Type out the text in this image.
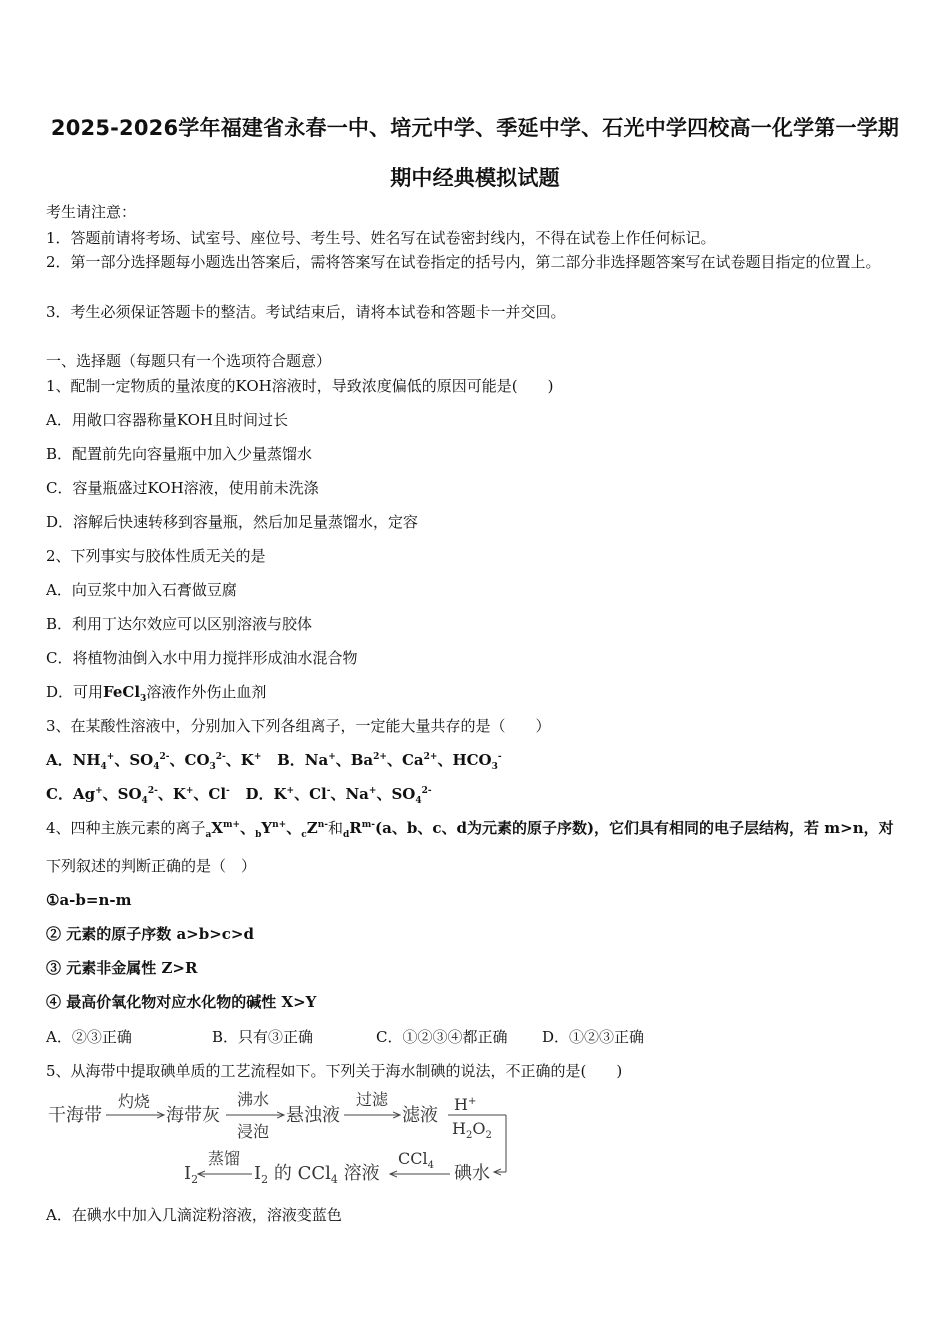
2025-2026学年福建省永春一中、培元中学、季延中学、石光中学四校高一化学第一学期
期中经典模拟试题
考生请注意：
1．答题前请将考场、试室号、座位号、考生号、姓名写在试卷密封线内，不得在试卷上作任何标记。
2．第一部分选择题每小题选出答案后，需将答案写在试卷指定的括号内，第二部分非选择题答案写在试卷题目指定的位置上。
3．考生必须保证答题卡的整洁。考试结束后，请将本试卷和答题卡一并交回。
一、选择题（每题只有一个选项符合题意）
1、配制一定物质的量浓度的KOH溶液时，导致浓度偏低的原因可能是(　　)
A．用敞口容器称量KOH且时间过长
B．配置前先向容量瓶中加入少量蒸馏水
C．容量瓶盛过KOH溶液，使用前未洗涤
D．溶解后快速转移到容量瓶，然后加足量蒸馏水，定容
2、下列事实与胶体性质无关的是
A．向豆浆中加入石膏做豆腐
B．利用丁达尔效应可以区别溶液与胶体
C．将植物油倒入水中用力搅拌形成油水混合物
D．可用FeCl$_3$溶液作外伤止血剂
3、在某酸性溶液中，分别加入下列各组离子，一定能大量共存的是（　　）
A．$NH_4^+$、$SO_4^{2-}$、$CO_3^{2-}$、K+ B．Na+、$Ba^{2+}$、$Ca^{2+}$、$HCO_3^-$
C．Ag+、$SO_4^{2-}$、K+、Cl- D．K+、Cl-、Na+、$SO_4^{2-}$
4、四种主族元素的离子$_aX^{m+}$、$_bY^{n+}$、$_cZ^{n-}$和$_dR^{m-}(a$、b、c、d为元素的原子序数)，它们具有相同的电子层结构，若 m>n，对
下列叙述的判断正确的是（　）
①a-b=n-m
② 元素的原子序数 a>b>c>d
③ 元素非金属性 Z>R
④ 最高价氧化物对应水化物的碱性 X>Y
A．②③正确	B．只有③正确	C．①②③④都正确 D．①②③正确
5、从海带中提取碘单质的工艺流程如下。下列关于海水制碘的说法，不正确的是(　　)
干海带
灼烧
海带灰
沸水
浸泡
悬浊液
过滤
滤液
H+
$H_2O_2$
碘水
CCl$_4$
$I_2$ 的 CCl$_4$ 溶液
蒸馏
$I_2$
A．在碘水中加入几滴淀粉溶液，溶液变蓝色
